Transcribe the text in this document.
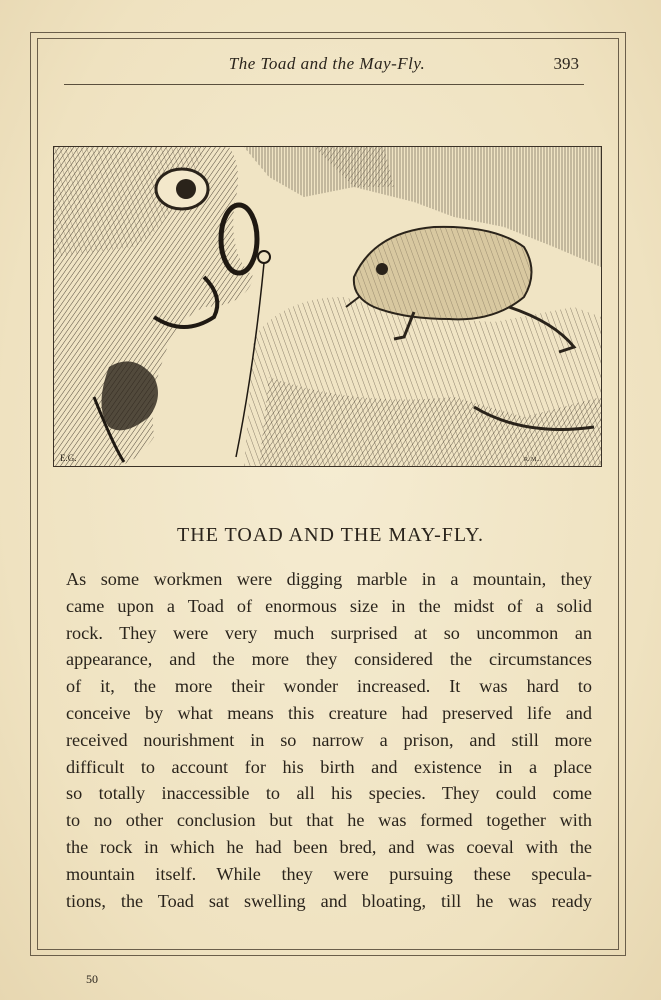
The Toad and the May-Fly.	393
E.G.	R. M...
THE TOAD AND THE MAY-FLY.
As some workmen were digging marble in a mountain, they
came upon a Toad of enormous size in the midst of a solid
rock. They were very much surprised at so uncommon an
appearance, and the more they considered the circumstances
of it, the more their wonder increased. It was hard to
conceive by what means this creature had preserved life and
received nourishment in so narrow a prison, and still more
difficult to account for his birth and existence in a place
so totally inaccessible to all his species. They could come
to no other conclusion but that he was formed together with
the rock in which he had been bred, and was coeval with the
mountain itself. While they were pursuing these specula-
tions, the Toad sat swelling and bloating, till he was ready
50
